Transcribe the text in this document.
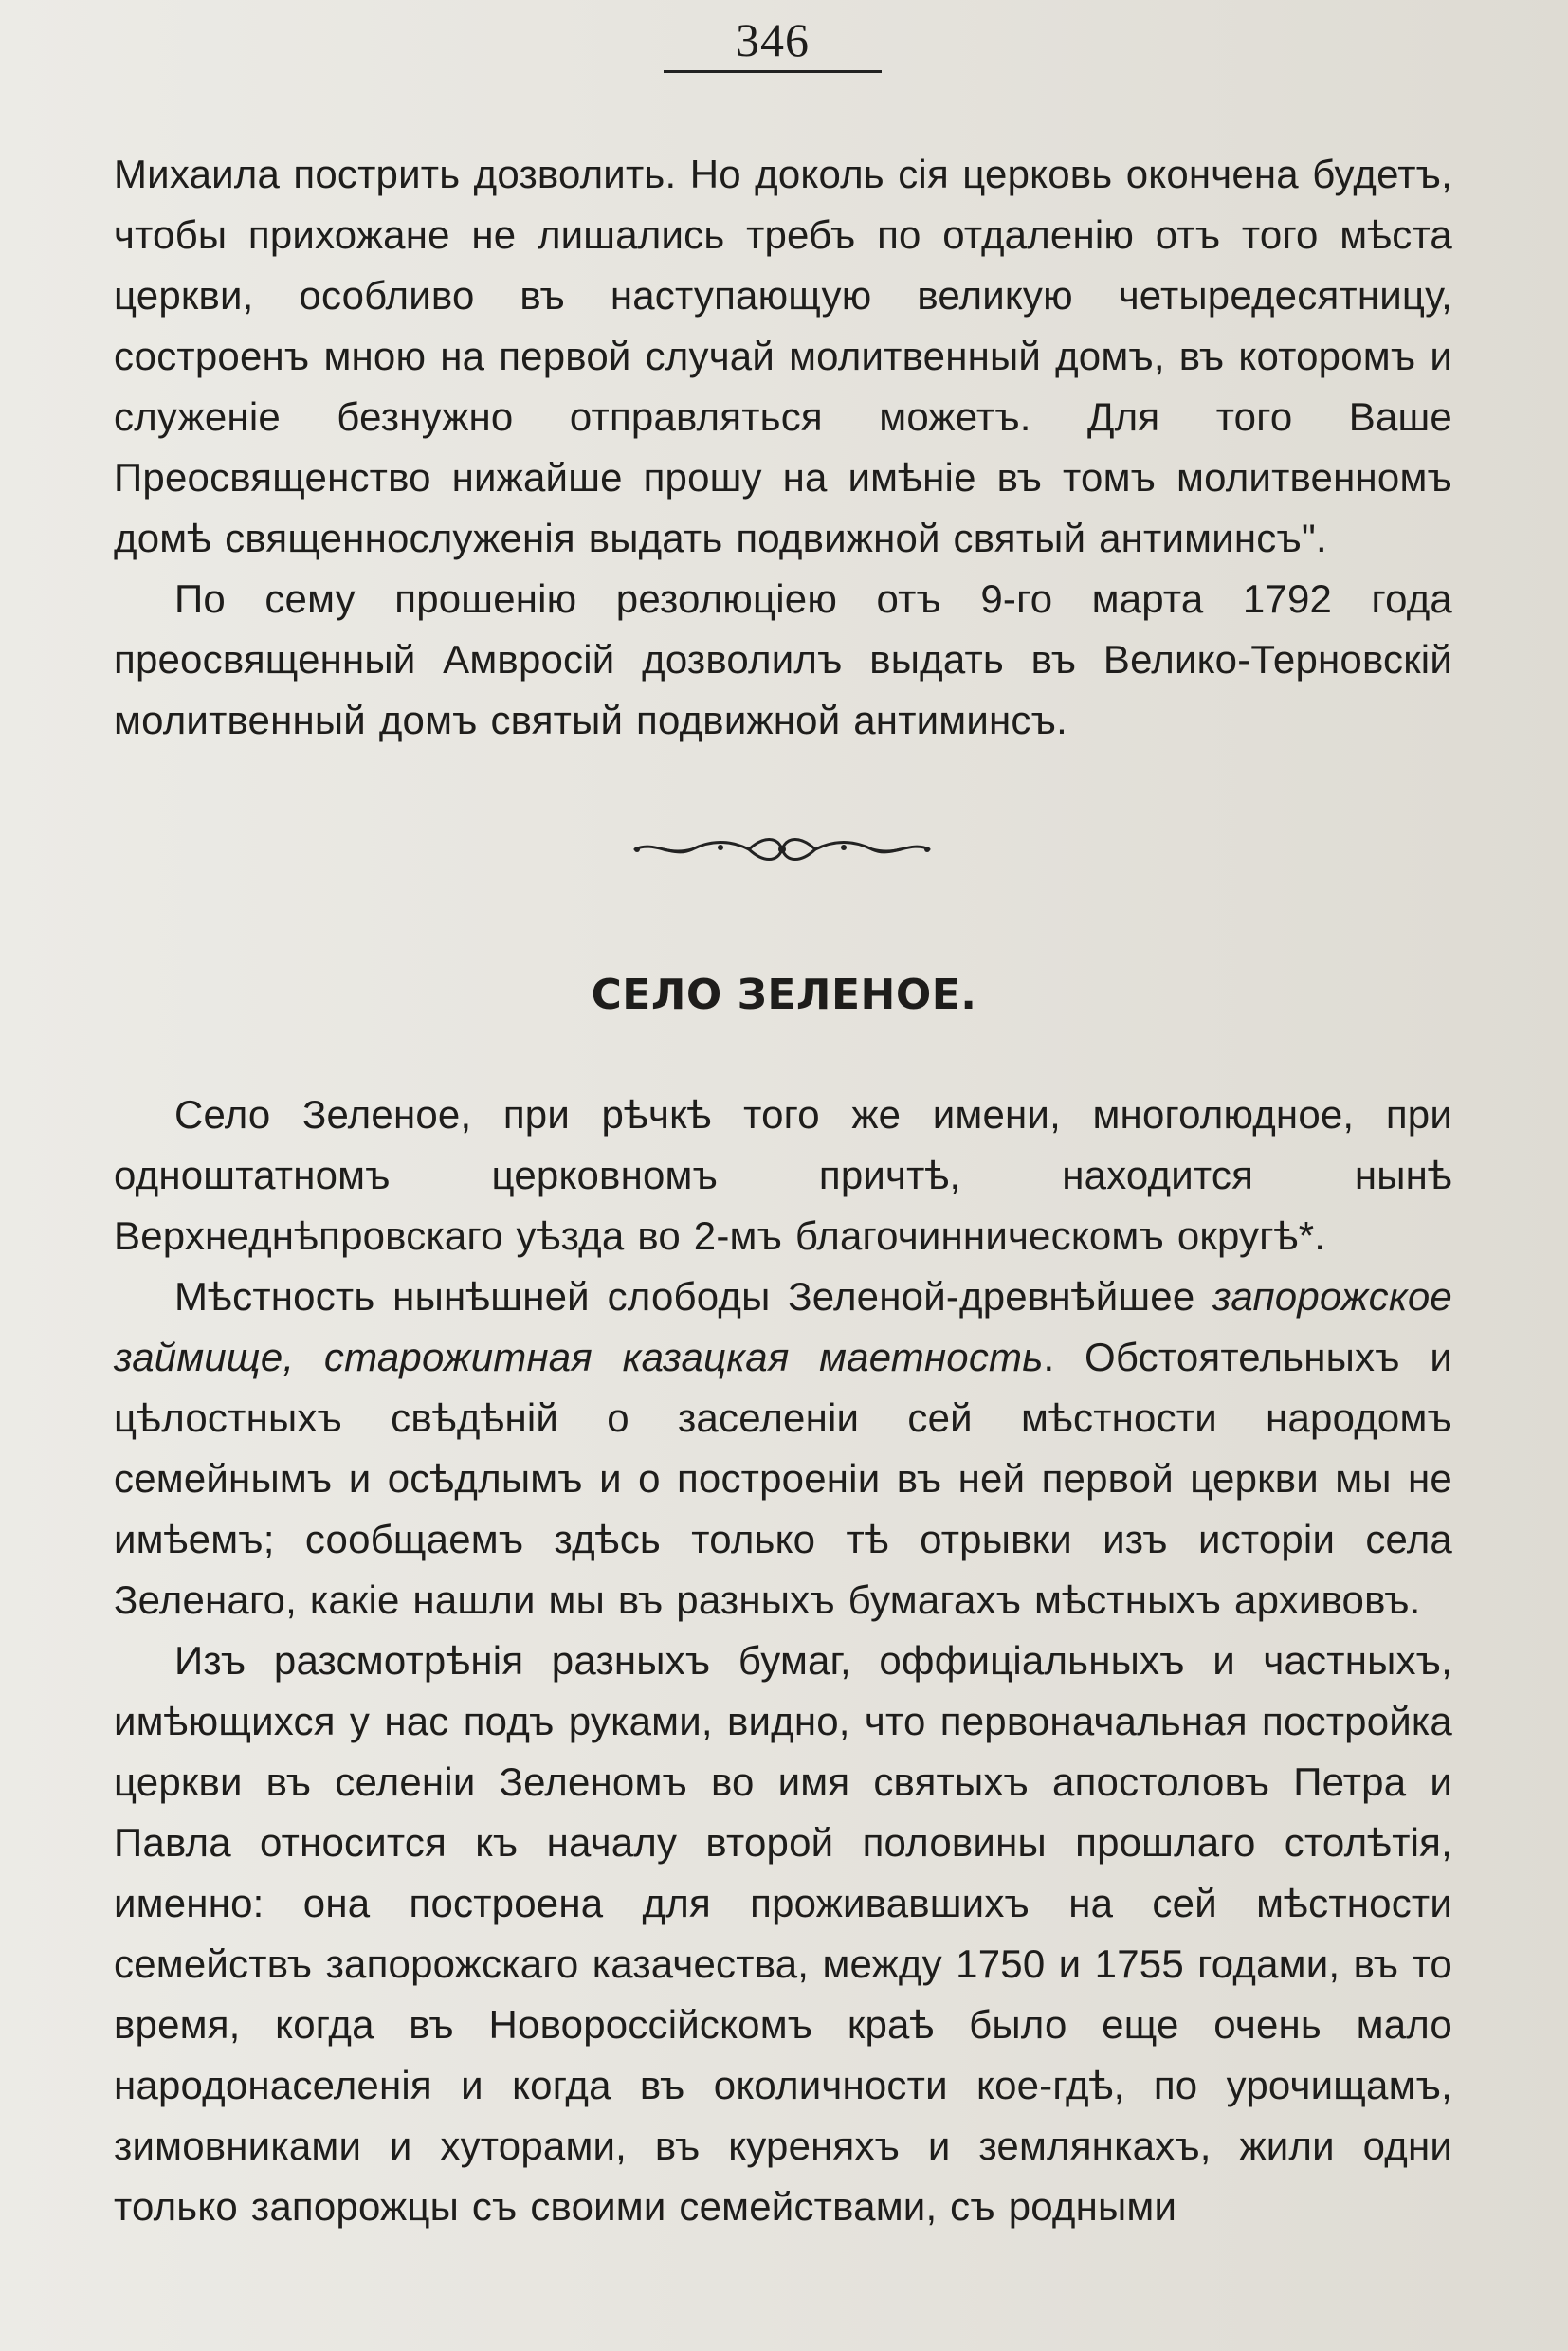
346

Михаила пострить дозволить. Но доколь сія церковь окончена будетъ, чтобы прихожане не лишались требъ по отдаленію отъ того мѣста церкви, особливо въ наступающую великую четыредесятницу, состроенъ мною на первой случай молитвенный домъ, въ которомъ и служеніе безнужно отправляться можетъ. Для того Ваше Преосвященство нижайше прошу на имѣніе въ томъ молитвенномъ домѣ священнослуженія выдать подвижной святый антиминсъ".

По сему прошенію резолюціею отъ 9-го марта 1792 года преосвященный Амвросій дозволилъ выдать въ Велико-Терновскій молитвенный домъ святый подвижной антиминсъ.

СЕЛО ЗЕЛЕНОЕ.

Село Зеленое, при рѣчкѣ того же имени, многолюдное, при одноштатномъ церковномъ причтѣ, находится нынѣ Верхнеднѣпровскаго уѣзда во 2-мъ благочинническомъ округѣ*.

Мѣстность нынѣшней слободы Зеленой-древнѣйшее запорожское займище, старожитная казацкая маетность. Обстоятельныхъ и цѣлостныхъ свѣдѣній о заселеніи сей мѣстности народомъ семейнымъ и осѣдлымъ и о построеніи въ ней первой церкви мы не имѣемъ; сообщаемъ здѣсь только тѣ отрывки изъ исторіи села Зеленаго, какіе нашли мы въ разныхъ бумагахъ мѣстныхъ архивовъ.

Изъ разсмотрѣнія разныхъ бумаг, оффиціальныхъ и частныхъ, имѣющихся у нас подъ руками, видно, что первоначальная постройка церкви въ селеніи Зеленомъ во имя святыхъ апостоловъ Петра и Павла относится къ началу второй половины прошлаго столѣтія, именно: она построена для проживавшихъ на сей мѣстности семействъ запорожскаго казачества, между 1750 и 1755 годами, въ то время, когда въ Новороссійскомъ краѣ было еще очень мало народонаселенія и когда въ околичности кое-гдѣ, по урочищамъ, зимовниками и хуторами, въ куреняхъ и землянкахъ, жили одни только запорожцы съ своими семействами, съ родными
